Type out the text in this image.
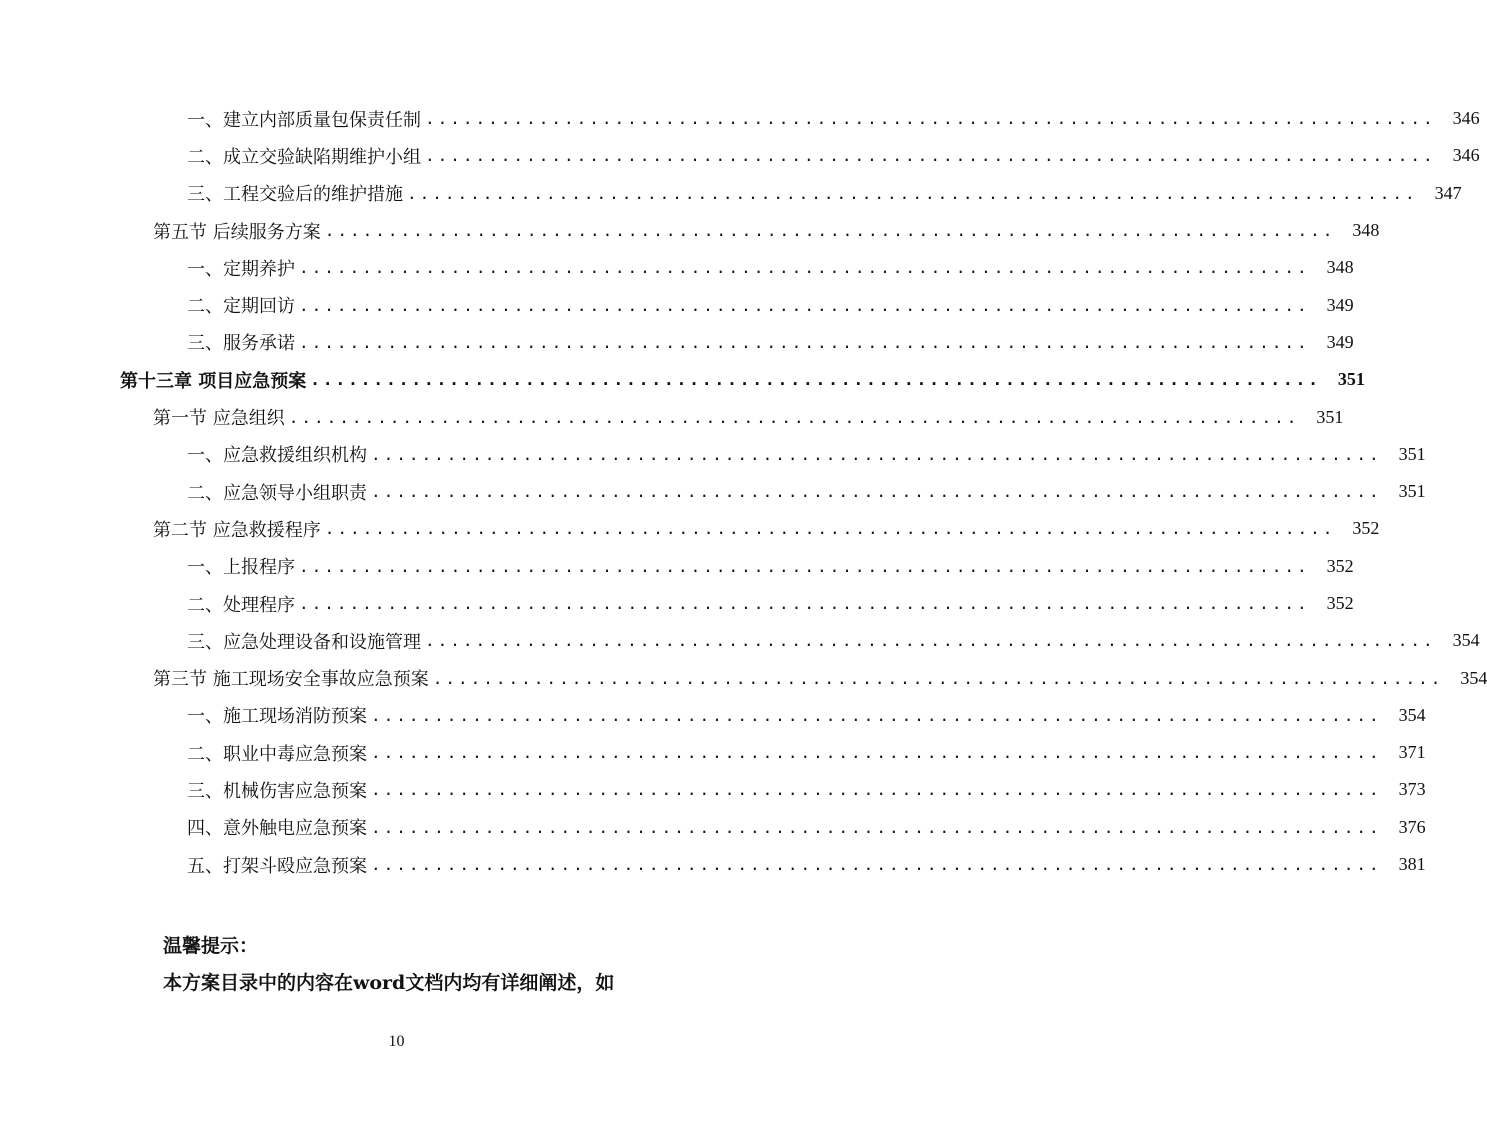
一、建立内部质量包保责任制 ................................................................................ 346
二、成立交验缺陷期维护小组 ................................................................................ 346
三、工程交验后的维护措施 ................................................................................ 347
第五节 后续服务方案 ................................................................................ 348
一、定期养护 ................................................................................ 348
二、定期回访 ................................................................................ 349
三、服务承诺 ................................................................................ 349
第十三章 项目应急预案 ................................................................................ 351
第一节 应急组织 ................................................................................ 351
一、应急救援组织机构 ................................................................................ 351
二、应急领导小组职责 ................................................................................ 351
第二节 应急救援程序 ................................................................................ 352
一、上报程序 ................................................................................ 352
二、处理程序 ................................................................................ 352
三、应急处理设备和设施管理 ................................................................................ 354
第三节 施工现场安全事故应急预案 ................................................................................ 354
一、施工现场消防预案 ................................................................................ 354
二、职业中毒应急预案 ................................................................................ 371
三、机械伤害应急预案 ................................................................................ 373
四、意外触电应急预案 ................................................................................ 376
五、打架斗殴应急预案 ................................................................................ 381
温馨提示：
本方案目录中的内容在word文档内均有详细阐述，如
10
